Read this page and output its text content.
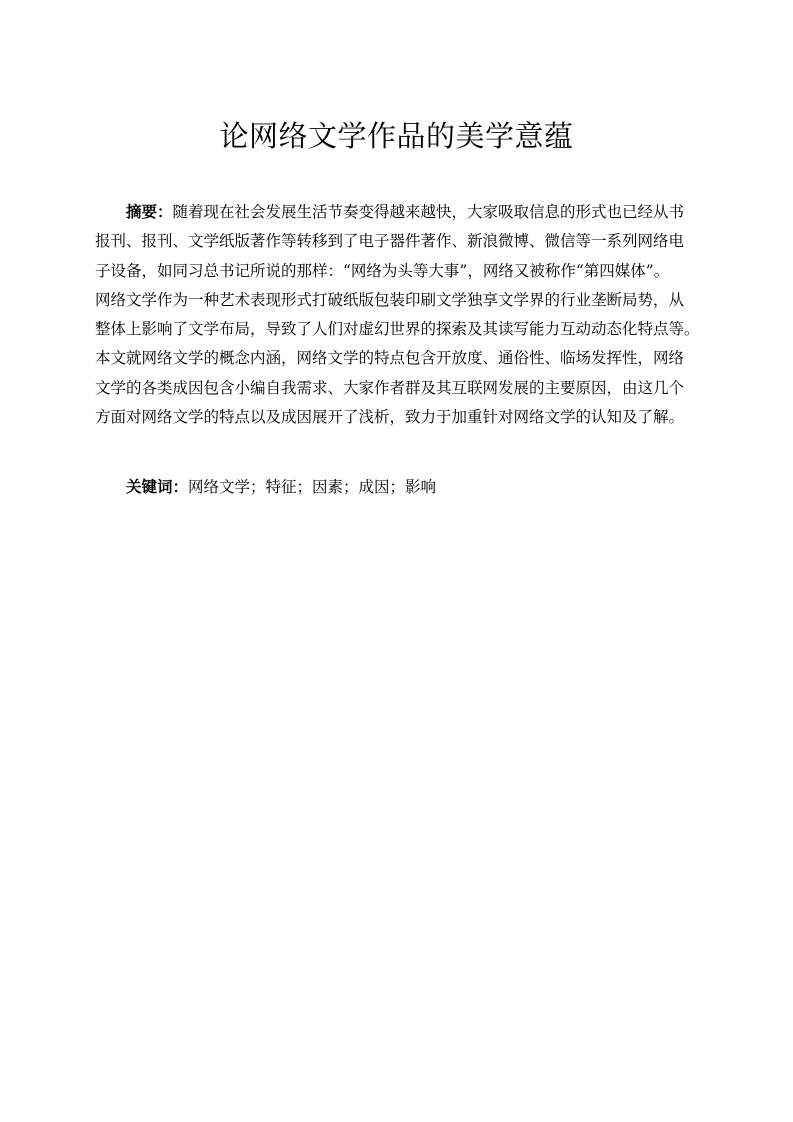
论网络文学作品的美学意蕴
摘要：随着现在社会发展生活节奏变得越来越快，大家吸取信息的形式也已经从书
报刊、报刊、文学纸版著作等转移到了电子器件著作、新浪微博、微信等一系列网络电
子设备，如同习总书记所说的那样：“网络为头等大事”，网络又被称作“第四媒体”。
网络文学作为一种艺术表现形式打破纸版包装印刷文学独享文学界的行业垄断局势，从
整体上影响了文学布局，导致了人们对虚幻世界的探索及其读写能力互动动态化特点等。
本文就网络文学的概念内涵，网络文学的特点包含开放度、通俗性、临场发挥性，网络
文学的各类成因包含小编自我需求、大家作者群及其互联网发展的主要原因，由这几个
方面对网络文学的特点以及成因展开了浅析，致力于加重针对网络文学的认知及了解。
关键词：网络文学；特征；因素；成因；影响
